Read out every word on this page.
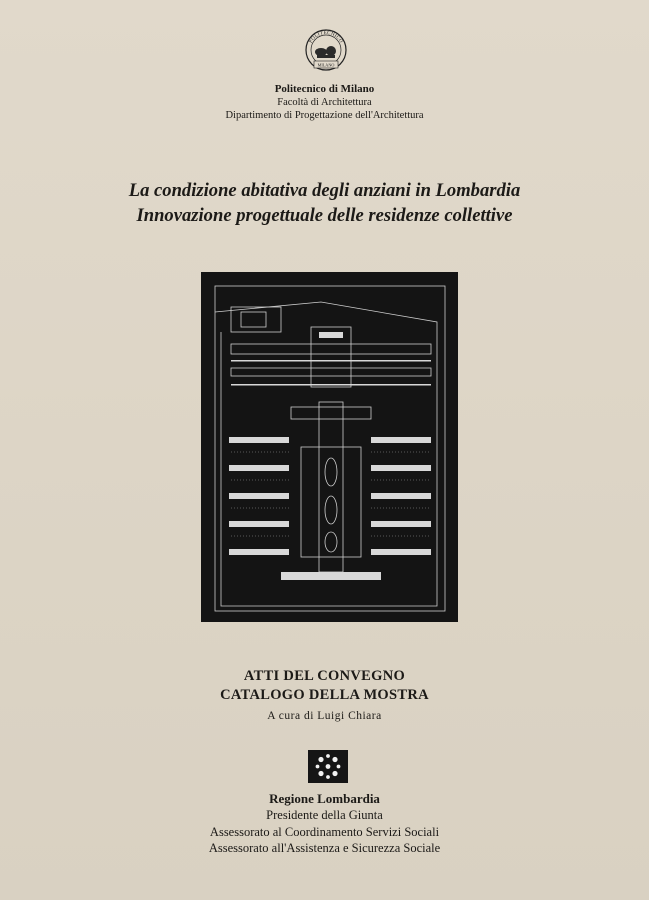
POLITECNICO
MILANO
Politecnico di Milano
Facoltà di Architettura
Dipartimento di Progettazione dell'Architettura
La condizione abitativa degli anziani in Lombardia
Innovazione progettuale delle residenze collettive
ATTI DEL CONVEGNO
CATALOGO DELLA MOSTRA
A cura di Luigi Chiara
Regione Lombardia
Presidente della Giunta
Assessorato al Coordinamento Servizi Sociali
Assessorato all'Assistenza e Sicurezza Sociale
